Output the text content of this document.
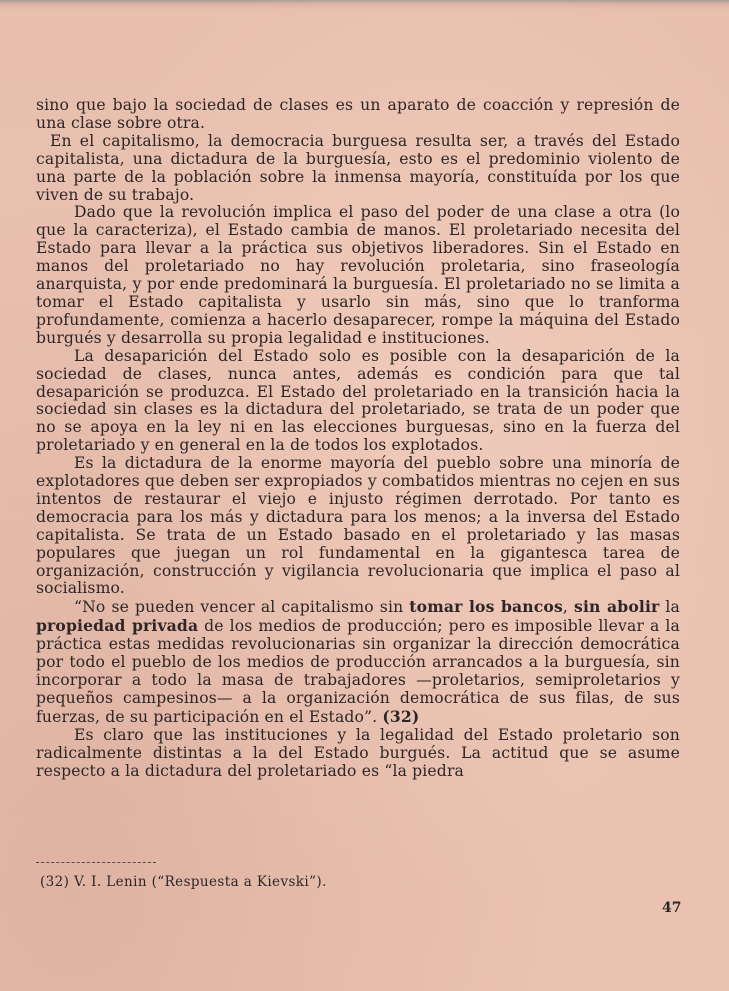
sino que bajo la sociedad de clases es un aparato de coacción y represión de una clase sobre otra.

En el capitalismo, la democracia burguesa resulta ser, a través del Estado capitalista, una dictadura de la burguesía, esto es el predominio violento de una parte de la población sobre la inmensa mayoría, constituída por los que viven de su trabajo.

Dado que la revolución implica el paso del poder de una clase a otra (lo que la caracteriza), el Estado cambia de manos. El proletariado necesita del Estado para llevar a la práctica sus objetivos liberadores. Sin el Estado en manos del proletariado no hay revolución proletaria, sino fraseología anarquista, y por ende predominará la burguesía. El proletariado no se limita a tomar el Estado capitalista y usarlo sin más, sino que lo tranforma profundamente, comienza a hacerlo desaparecer, rompe la máquina del Estado burgués y desarrolla su propia legalidad e instituciones.

La desaparición del Estado solo es posible con la desaparición de la sociedad de clases, nunca antes, además es condición para que tal desaparición se produzca. El Estado del proletariado en la transición hacia la sociedad sin clases es la dictadura del proletariado, se trata de un poder que no se apoya en la ley ni en las elecciones burguesas, sino en la fuerza del proletariado y en general en la de todos los explotados.

Es la dictadura de la enorme mayoría del pueblo sobre una minoría de explotadores que deben ser expropiados y combatidos mientras no cejen en sus intentos de restaurar el viejo e injusto régimen derrotado. Por tanto es democracia para los más y dictadura para los menos; a la inversa del Estado capitalista. Se trata de un Estado basado en el proletariado y las masas populares que juegan un rol fundamental en la gigantesca tarea de organización, construcción y vigilancia revolucionaria que implica el paso al socialismo.

“No se pueden vencer al capitalismo sin tomar los bancos, sin abolir la propiedad privada de los medios de producción; pero es imposible llevar a la práctica estas medidas revolucionarias sin organizar la dirección democrática por todo el pueblo de los medios de producción arrancados a la burguesía, sin incorporar a todo la masa de trabajadores —proletarios, semiproletarios y pequeños campesinos— a la organización democrática de sus filas, de sus fuerzas, de su participación en el Estado”. (32)

Es claro que las instituciones y la legalidad del Estado proletario son radicalmente distintas a la del Estado burgués. La actitud que se asume respecto a la dictadura del proletariado es “la piedra

(32) V. I. Lenin (“Respuesta a Kievski”).
47
